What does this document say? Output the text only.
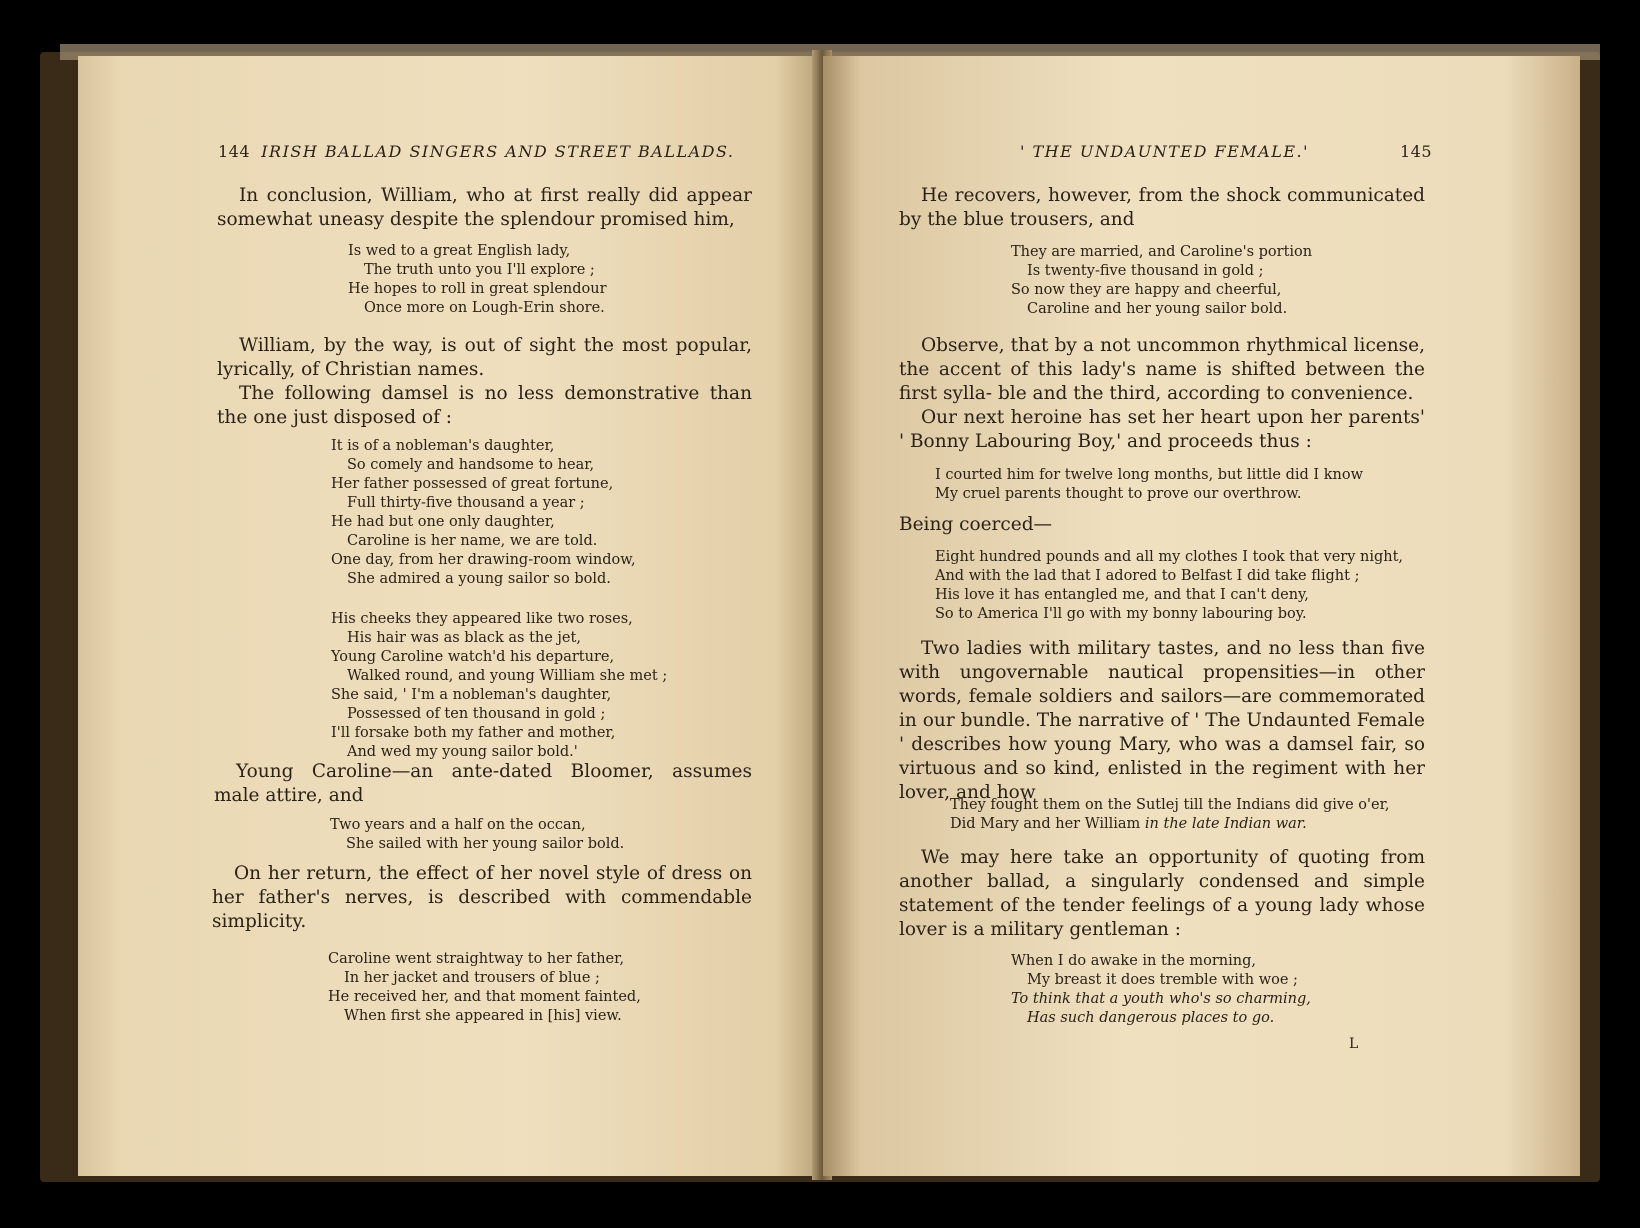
144 IRISH BALLAD SINGERS AND STREET BALLADS.

In conclusion, William, who at first really did appear somewhat uneasy despite the splendour promised him,

Is wed to a great English lady,
The truth unto you I'll explore ;
He hopes to roll in great splendour
Once more on Lough-Erin shore.

William, by the way, is out of sight the most popular, lyrically, of Christian names.

The following damsel is no less demonstrative than the one just disposed of :

It is of a nobleman's daughter,
So comely and handsome to hear,
Her father possessed of great fortune,
Full thirty-five thousand a year ;
He had but one only daughter,
Caroline is her name, we are told.
One day, from her drawing-room window,
She admired a young sailor so bold.
His cheeks they appeared like two roses,
His hair was as black as the jet,
Young Caroline watch'd his departure,
Walked round, and young William she met ;
She said, ' I'm a nobleman's daughter,
Possessed of ten thousand in gold ;
I'll forsake both my father and mother,
And wed my young sailor bold.'

Young Caroline—an ante-dated Bloomer, assumes male attire, and

Two years and a half on the occan,
She sailed with her young sailor bold.

On her return, the effect of her novel style of dress on her father's nerves, is described with commendable simplicity.

Caroline went straightway to her father,
In her jacket and trousers of blue ;
He received her, and that moment fainted,
When first she appeared in [his] view.
' THE UNDAUNTED FEMALE.'	145

He recovers, however, from the shock communicated by the blue trousers, and

They are married, and Caroline's portion
Is twenty-five thousand in gold ;
So now they are happy and cheerful,
Caroline and her young sailor bold.

Observe, that by a not uncommon rhythmical license, the accent of this lady's name is shifted between the first sylla- ble and the third, according to convenience.

Our next heroine has set her heart upon her parents' ' Bonny Labouring Boy,' and proceeds thus :

I courted him for twelve long months, but little did I know
My cruel parents thought to prove our overthrow.

Being coerced—

Eight hundred pounds and all my clothes I took that very night,
And with the lad that I adored to Belfast I did take flight ;
His love it has entangled me, and that I can't deny,
So to America I'll go with my bonny labouring boy.

Two ladies with military tastes, and no less than five with ungovernable nautical propensities—in other words, female soldiers and sailors—are commemorated in our bundle. The narrative of ' The Undaunted Female ' describes how young Mary, who was a damsel fair, so virtuous and so kind, enlisted in the regiment with her lover, and how

They fought them on the Sutlej till the Indians did give o'er,
Did Mary and her William in the late Indian war.

We may here take an opportunity of quoting from another ballad, a singularly condensed and simple statement of the tender feelings of a young lady whose lover is a military gentleman :

When I do awake in the morning,
My breast it does tremble with woe ;
To think that a youth who's so charming,
Has such dangerous places to go.
L
